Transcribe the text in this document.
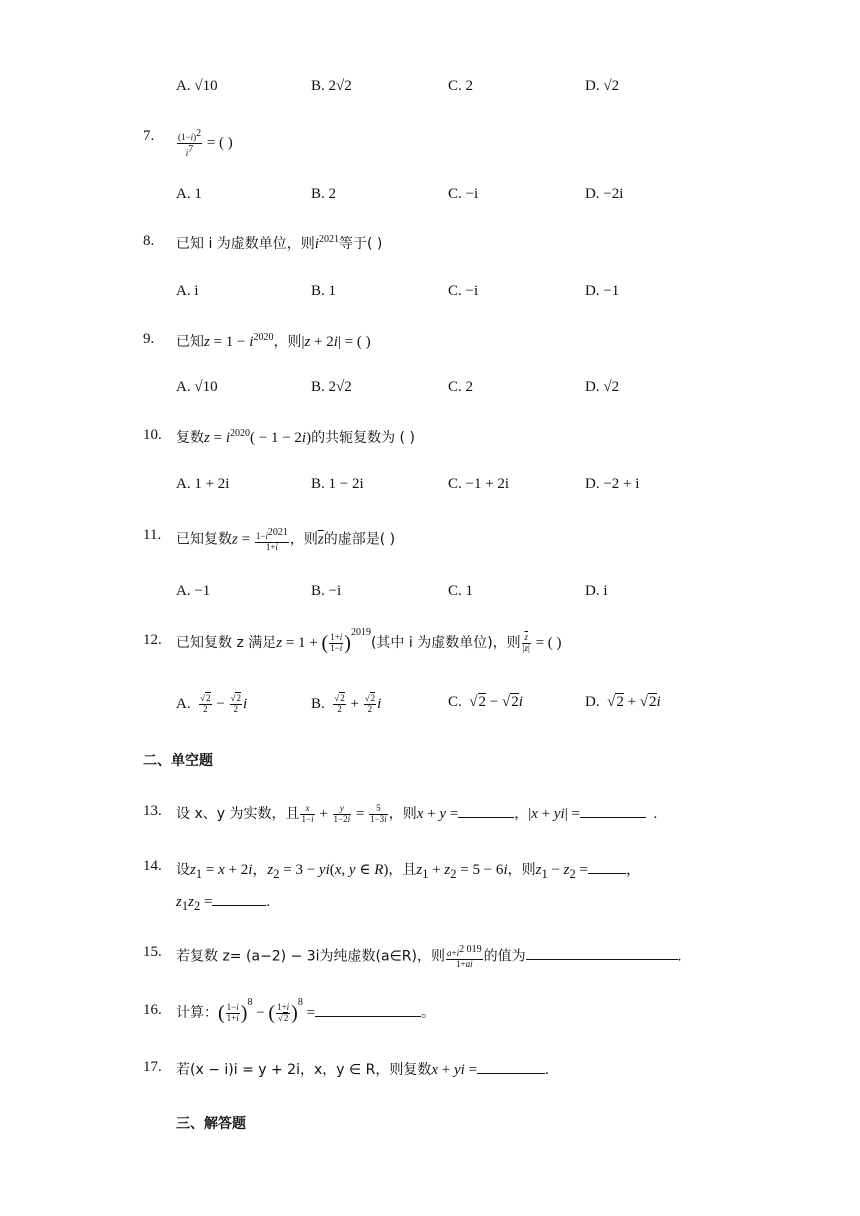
A. √10	B. 2√2	C. 2	D. √2
7.	$\frac{(1-i)^2}{i^7}$ = ( )
A. 1	B. 2	C. −i	D. −2i
8. 已知 i 为虚数单位，则$i^{2021}$等于( )
A. i	B. 1	C. −i	D. −1
9. 已知$z = 1 - i^{2020}$，则|z + 2i| = ( )
A. √10	B. 2√2	C. 2	D. √2
10. 复数$z = i^{2020}( - 1 - 2i)$的共轭复数为 ( )
A. 1 + 2i	B. 1 − 2i	C. −1 + 2i	D. −2 + i
11. 已知复数$z = \frac{1-i^{2021}}{1+i}$ ，则$\overline{z}$的虚部是( )
A. −1	B. −i	C. 1	D. i
12. 已知复数 z 满足z = 1 + ( $\frac{1+i}{1-i} )^{2019}$(其中 i 为虚数单位)，则 $\frac{\overline{z}}{|z|}$ = ( )
A. $\frac{√2}{2} - \frac{√2}{2}$ i	B. $\frac{√2}{2} + \frac{√2}{2}$ i	C.  √2 − √2i	D.  √2 + √2i
二、单空题
13. 设 x、y 为实数，且 $\frac{x}{1-i} + \frac{y}{1-2i} = \frac{5}{1-3i}$ ，则x + y =	，|x + yi| =	.
14. 设$z_1 = x + 2i$，$z_2 = 3 - yi(x$, y ∈ R)，且$z_1 + z_2 = 5 - 6i$，则$z_1 - z_2$ =	，
$z_1z_2$ =	.
15. 若复数 z= (a−2) − 3i为纯虚数(a∈R)，则 $\frac{a+i^{2 019}}{1+ai}$ 的值为	.
16. 计算：( $\frac{1-i}{1+i} )^8$ − ( $\frac{1+i}{√2} )^8$ =	。
17. 若(x − i)i = y + 2i，x，y ∈ R，则复数x + yi =	.
三、解答题
